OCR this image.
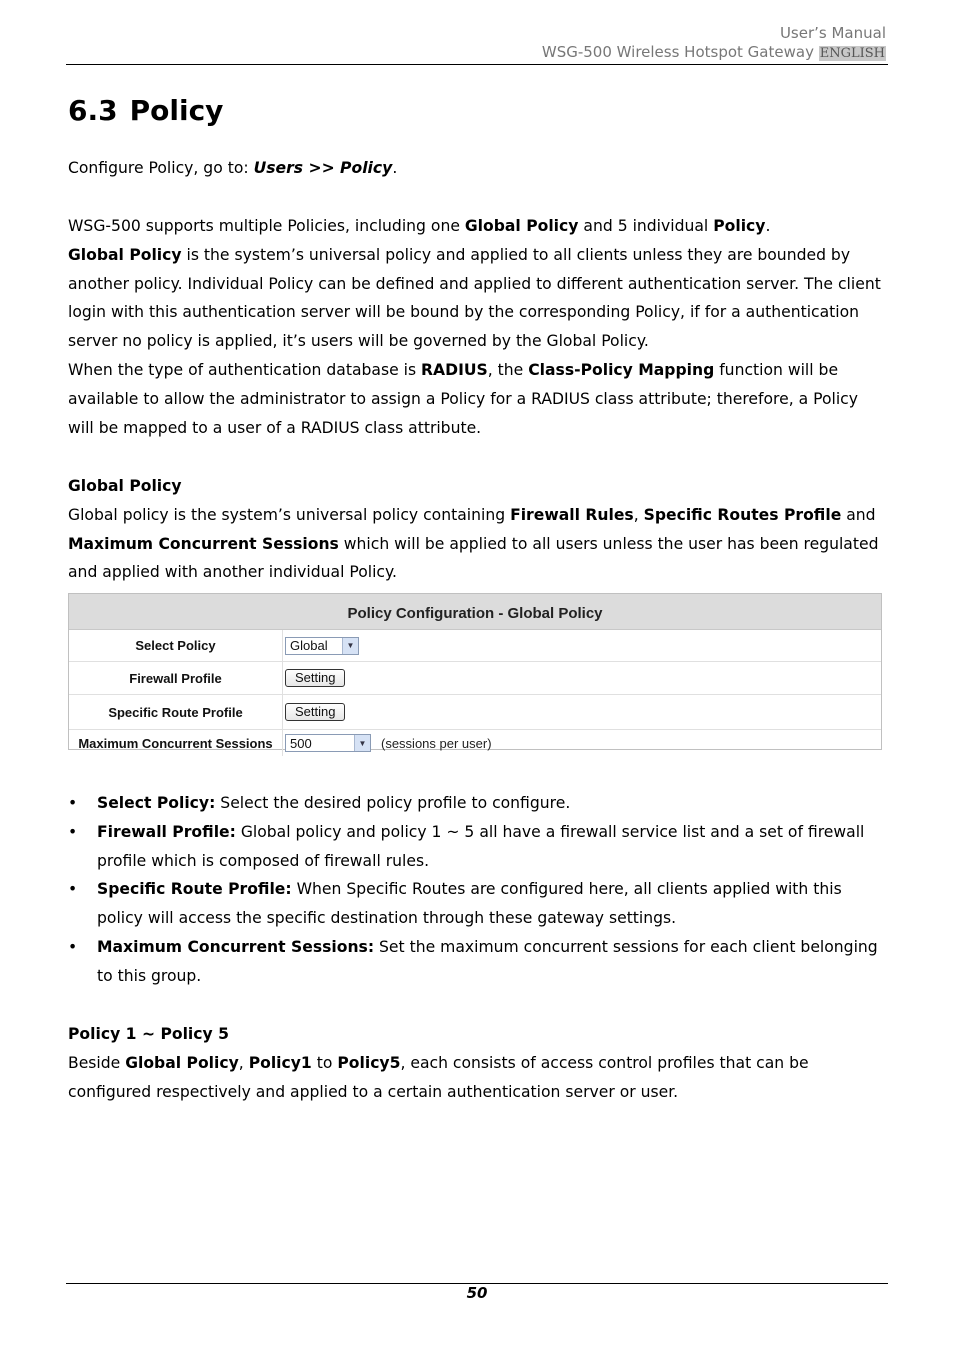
User’s Manual
WSG-500 Wireless Hotspot Gateway ENGLISH
6.3 Policy

Configure Policy, go to: Users >> Policy.

WSG-500 supports multiple Policies, including one Global Policy and 5 individual Policy.
Global Policy is the system’s universal policy and applied to all clients unless they are bounded by another policy. Individual Policy can be defined and applied to different authentication server. The client login with this authentication server will be bound by the corresponding Policy, if for a authentication server no policy is applied, it’s users will be governed by the Global Policy.
When the type of authentication database is RADIUS, the Class-Policy Mapping function will be available to allow the administrator to assign a Policy for a RADIUS class attribute; therefore, a Policy will be mapped to a user of a RADIUS class attribute.
Global Policy
Global policy is the system’s universal policy containing Firewall Rules, Specific Routes Profile and Maximum Concurrent Sessions which will be applied to all users unless the user has been regulated and applied with another individual Policy.
Policy Configuration - Global Policy
Select Policy	Global	▼
Firewall Profile	Setting
Specific Route Profile	Setting
Maximum Concurrent Sessions	500	▼ (sessions per user)
• Select Policy: Select the desired policy profile to configure.
• Firewall Profile: Global policy and policy 1 ~ 5 all have a firewall service list and a set of firewall profile which is composed of firewall rules.
• Specific Route Profile: When Specific Routes are configured here, all clients applied with this policy will access the specific destination through these gateway settings.
• Maximum Concurrent Sessions: Set the maximum concurrent sessions for each client belonging to this group.
Policy 1 ~ Policy 5
Beside Global Policy, Policy1 to Policy5, each consists of access control profiles that can be configured respectively and applied to a certain authentication server or user.
50
